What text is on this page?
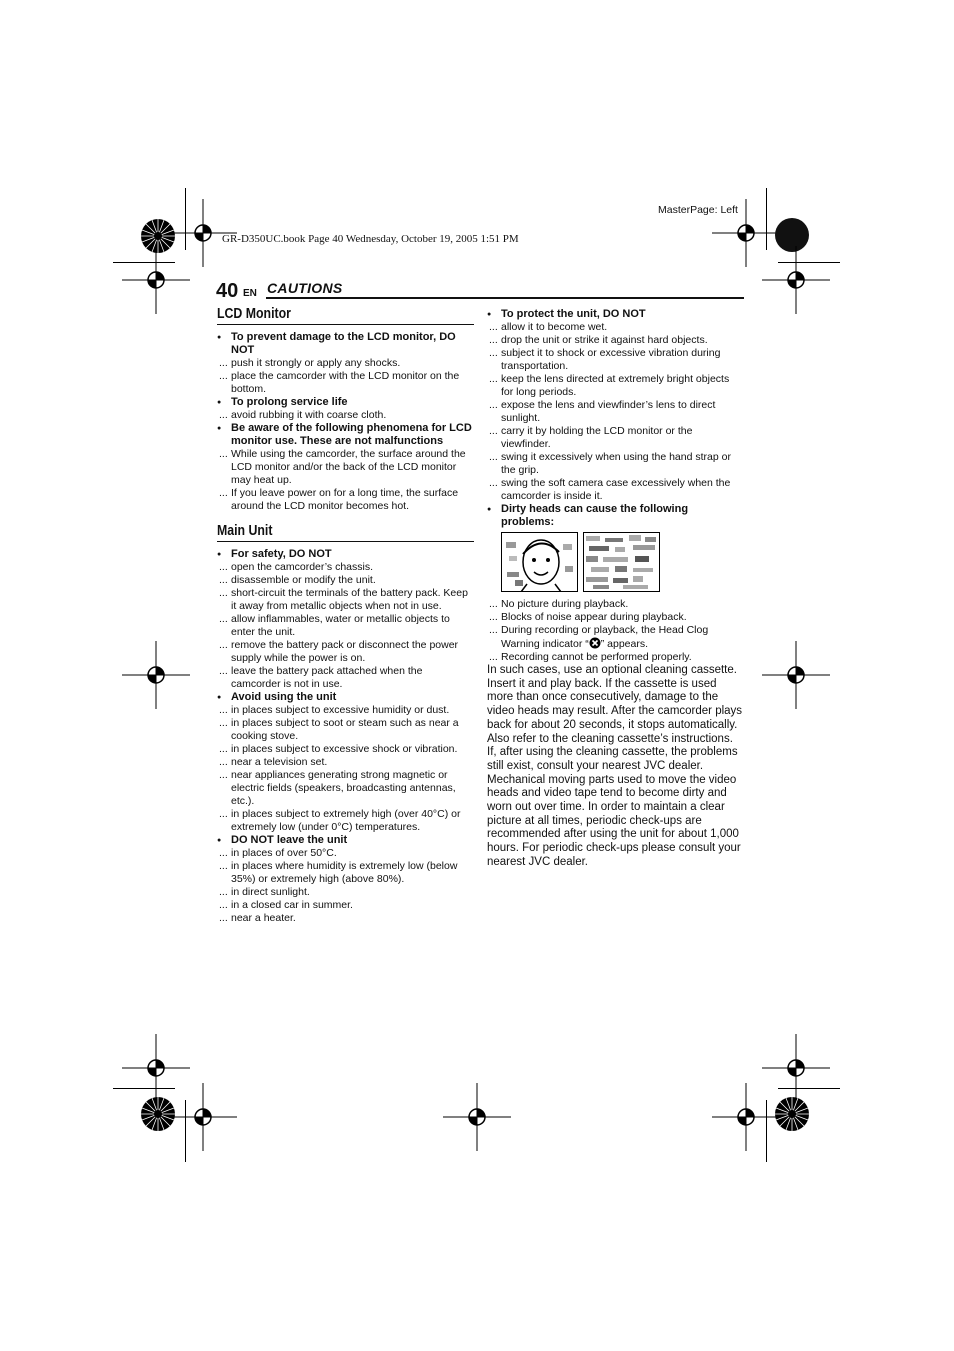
MasterPage: Left
GR-D350UC.book Page 40 Wednesday, October 19, 2005 1:51 PM
40 EN CAUTIONS
LCD Monitor
● To prevent damage to the LCD monitor, DO NOT
... push it strongly or apply any shocks.
... place the camcorder with the LCD monitor on the bottom.
● To prolong service life
... avoid rubbing it with coarse cloth.
● Be aware of the following phenomena for LCD monitor use. These are not malfunctions
... While using the camcorder, the surface around the LCD monitor and/or the back of the LCD monitor may heat up.
... If you leave power on for a long time, the surface around the LCD monitor becomes hot.
Main Unit
● For safety, DO NOT
... open the camcorder’s chassis.
... disassemble or modify the unit.
... short-circuit the terminals of the battery pack. Keep it away from metallic objects when not in use.
... allow inflammables, water or metallic objects to enter the unit.
... remove the battery pack or disconnect the power supply while the power is on.
... leave the battery pack attached when the camcorder is not in use.
● Avoid using the unit
... in places subject to excessive humidity or dust.
... in places subject to soot or steam such as near a cooking stove.
... in places subject to excessive shock or vibration.
... near a television set.
... near appliances generating strong magnetic or electric fields (speakers, broadcasting antennas, etc.).
... in places subject to extremely high (over 40°C) or extremely low (under 0°C) temperatures.
● DO NOT leave the unit
... in places of over 50°C.
... in places where humidity is extremely low (below 35%) or extremely high (above 80%).
... in direct sunlight.
... in a closed car in summer.
... near a heater.
● To protect the unit, DO NOT
... allow it to become wet.
... drop the unit or strike it against hard objects.
... subject it to shock or excessive vibration during transportation.
... keep the lens directed at extremely bright objects for long periods.
... expose the lens and viewfinder’s lens to direct sunlight.
... carry it by holding the LCD monitor or the viewfinder.
... swing it excessively when using the hand strap or the grip.
... swing the soft camera case excessively when the camcorder is inside it.
● Dirty heads can cause the following problems:
... No picture during playback.
... Blocks of noise appear during playback.
... During recording or playback, the Head Clog Warning indicator “ ” appears.
... Recording cannot be performed properly.
In such cases, use an optional cleaning cassette. Insert it and play back. If the cassette is used more than once consecutively, damage to the video heads may result. After the camcorder plays back for about 20 seconds, it stops automatically. Also refer to the cleaning cassette’s instructions.
If, after using the cleaning cassette, the problems still exist, consult your nearest JVC dealer.
Mechanical moving parts used to move the video heads and video tape tend to become dirty and worn out over time. In order to maintain a clear picture at all times, periodic check-ups are recommended after using the unit for about 1,000 hours. For periodic check-ups please consult your nearest JVC dealer.
